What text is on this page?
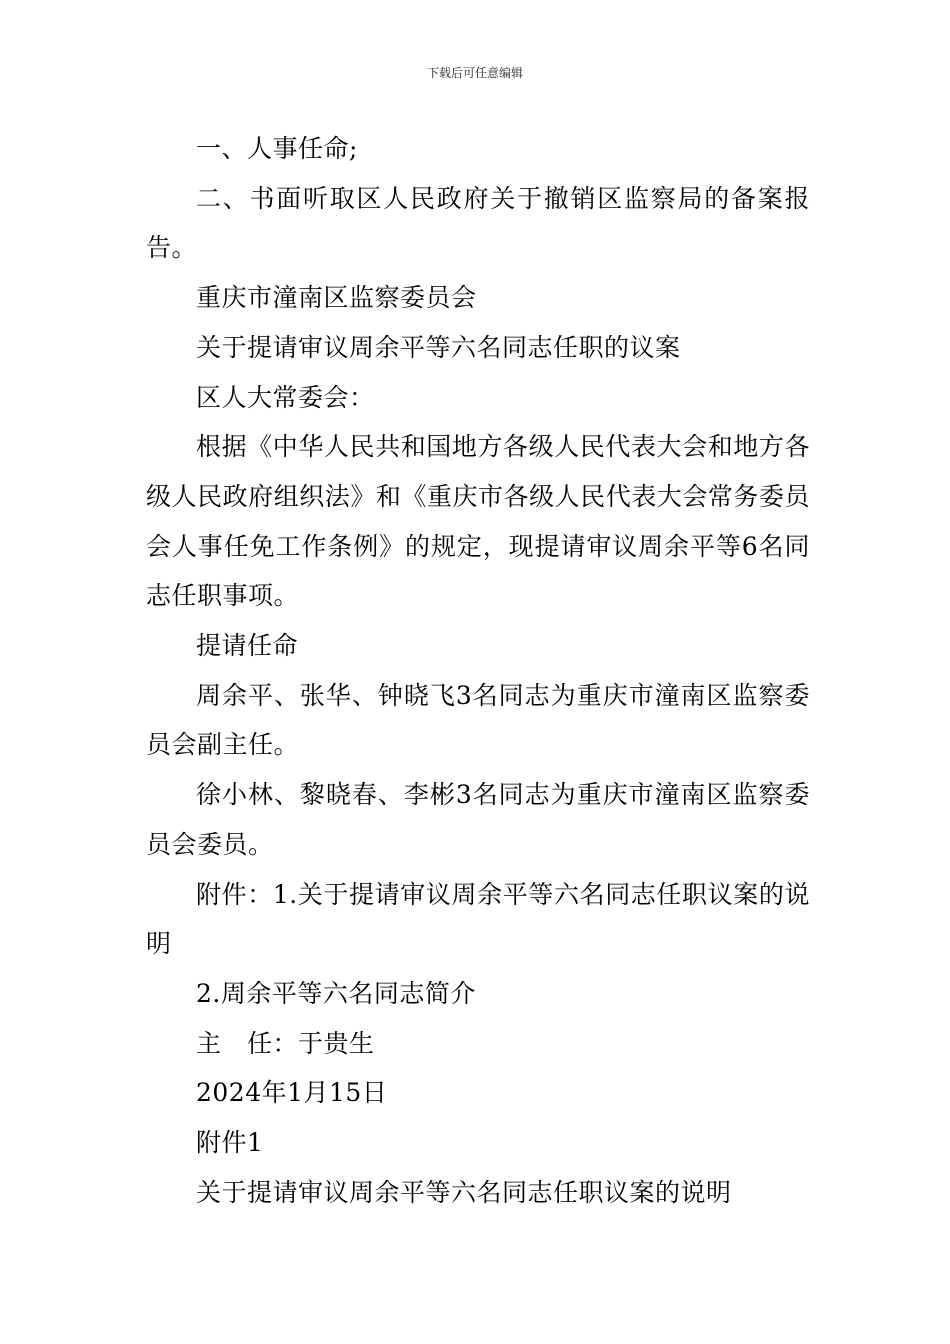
下载后可任意编辑

一、人事任命;

二、书面听取区人民政府关于撤销区监察局的备案报告。

重庆市潼南区监察委员会

关于提请审议周余平等六名同志任职的议案

区人大常委会：

根据《中华人民共和国地方各级人民代表大会和地方各级人民政府组织法》和《重庆市各级人民代表大会常务委员会人事任免工作条例》的规定，现提请审议周余平等6名同志任职事项。

提请任命

周余平、张华、钟晓飞3名同志为重庆市潼南区监察委员会副主任。

徐小林、黎晓春、李彬3名同志为重庆市潼南区监察委员会委员。

附件：1.关于提请审议周余平等六名同志任职议案的说明

2.周余平等六名同志简介

主　任：于贵生

2024年1月15日

附件1

关于提请审议周余平等六名同志任职议案的说明
